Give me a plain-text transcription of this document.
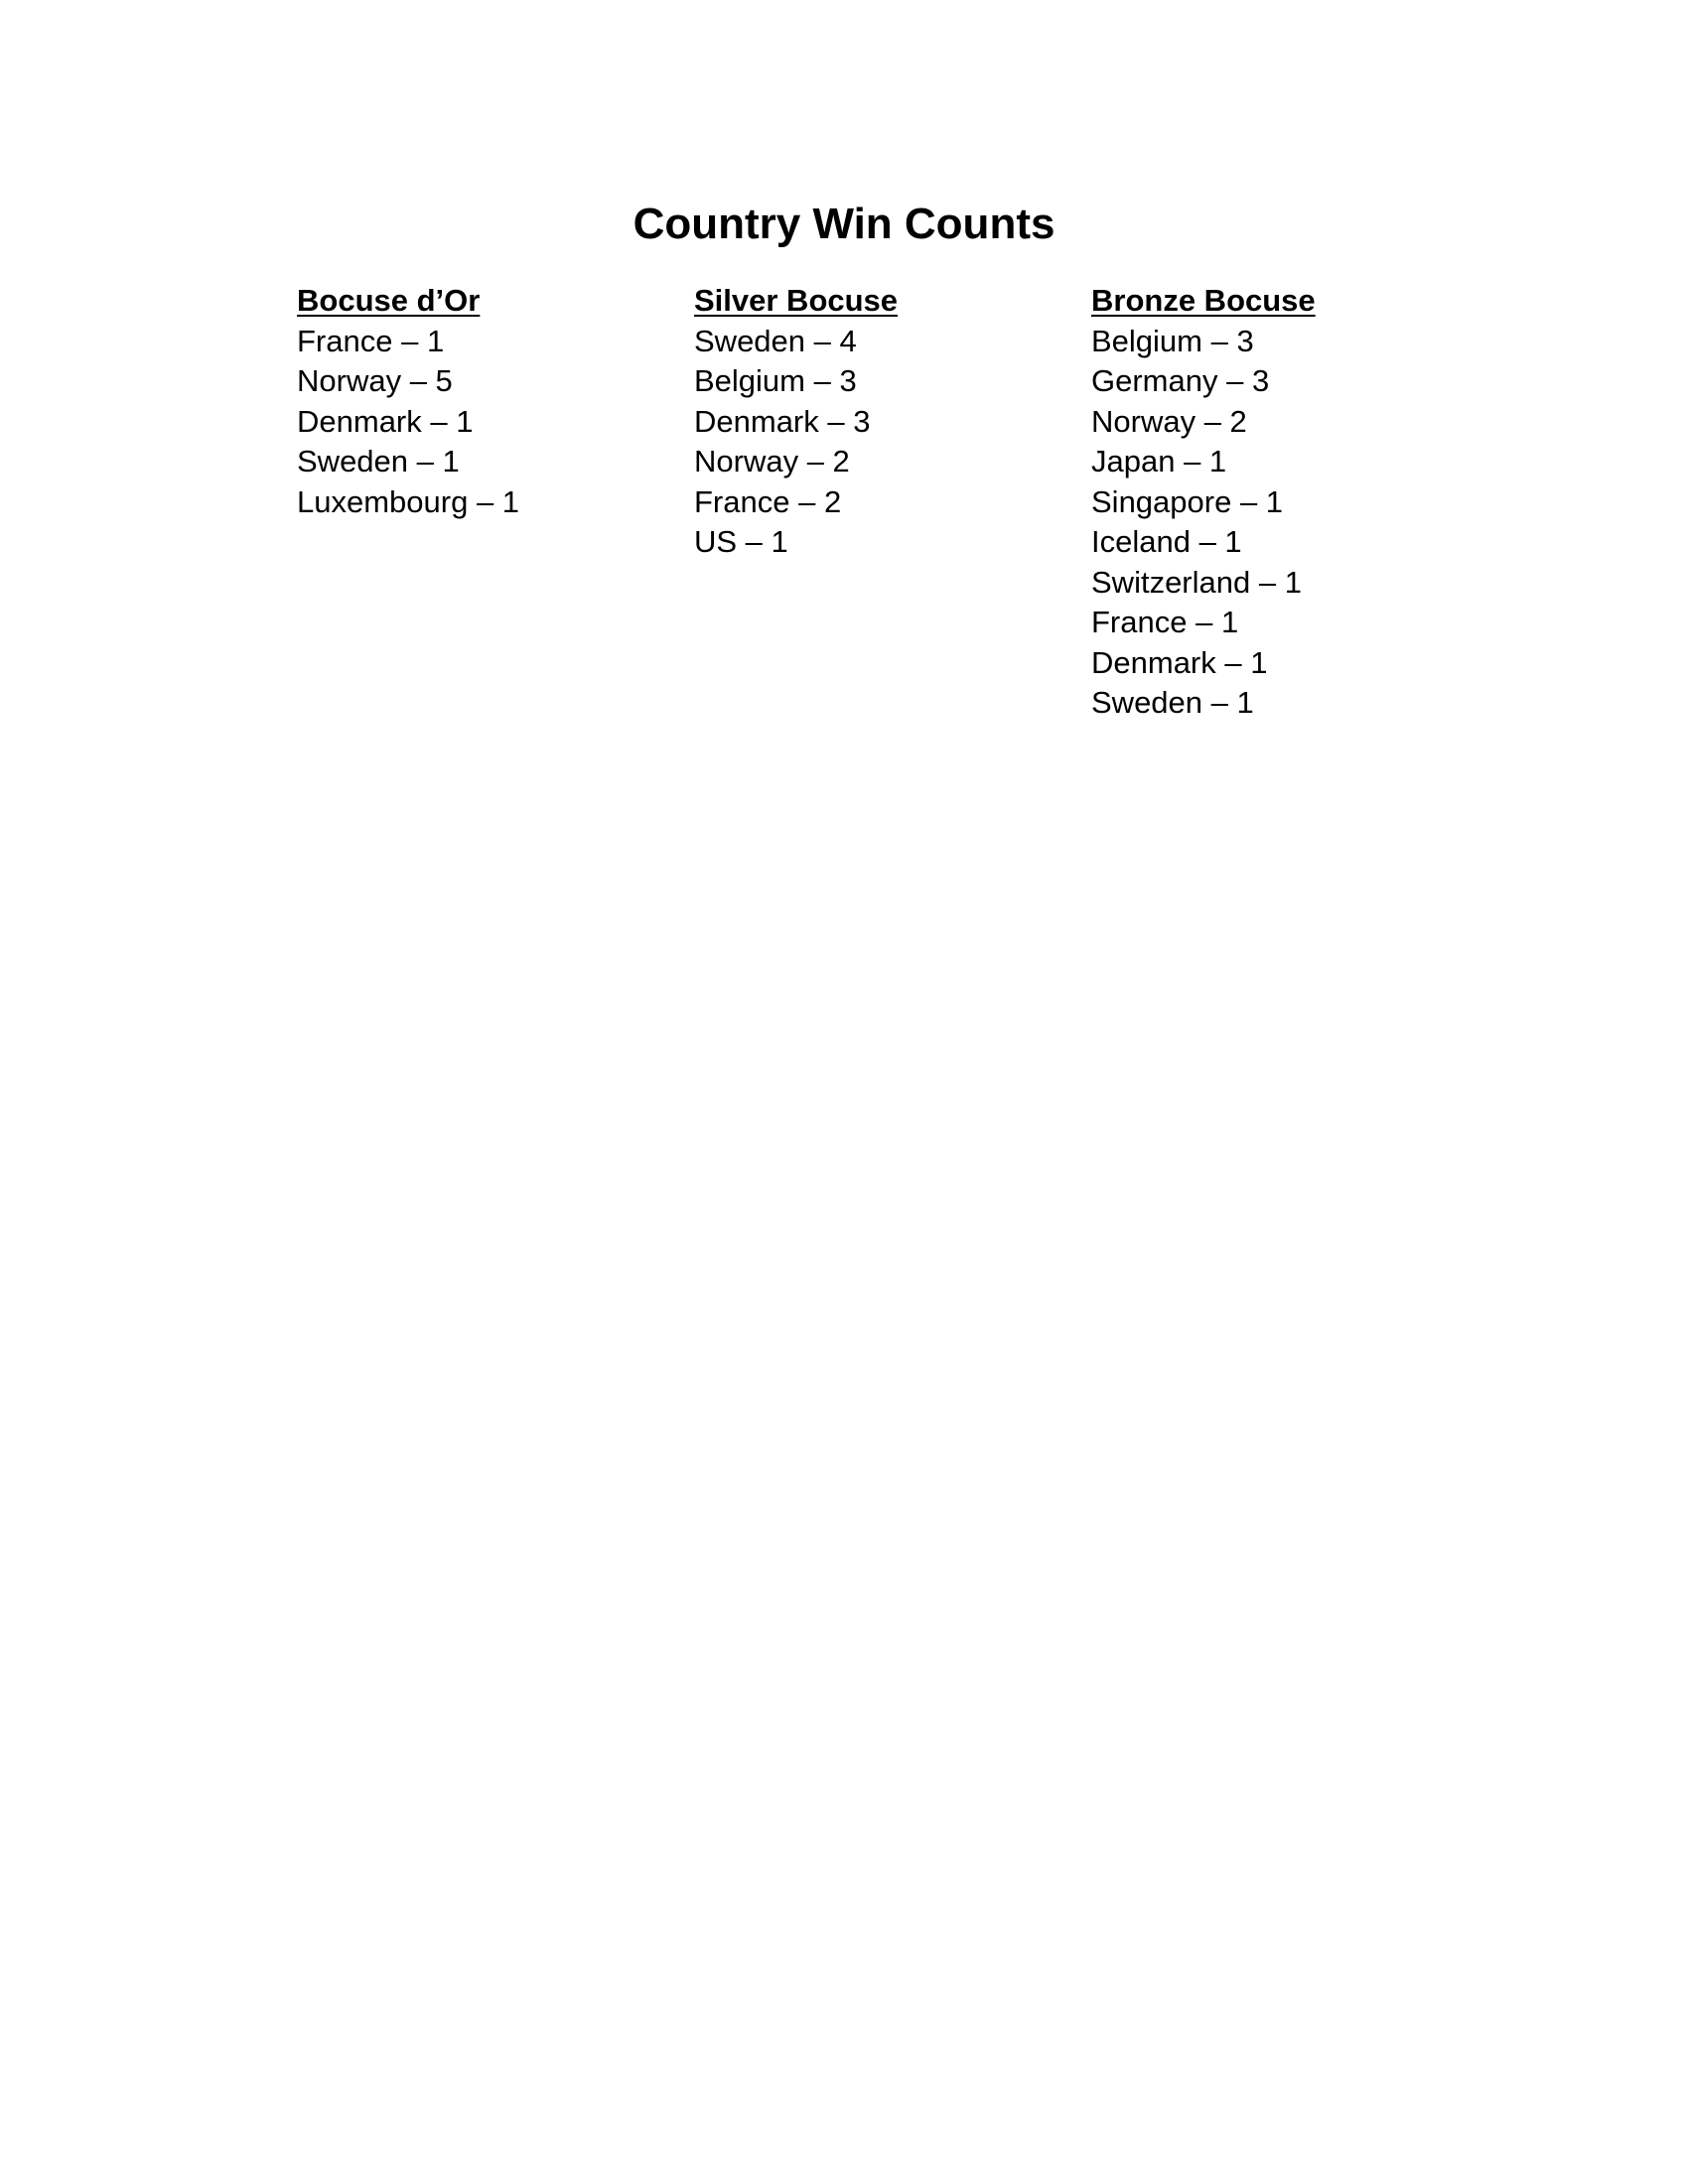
Country Win Counts
Bocuse d’Or
France – 1
Norway – 5
Denmark – 1
Sweden – 1
Luxembourg – 1
Silver Bocuse
Sweden – 4
Belgium – 3
Denmark – 3
Norway – 2
France – 2
US – 1
Bronze Bocuse
Belgium – 3
Germany – 3
Norway – 2
Japan – 1
Singapore – 1
Iceland – 1
Switzerland – 1
France – 1
Denmark – 1
Sweden – 1
